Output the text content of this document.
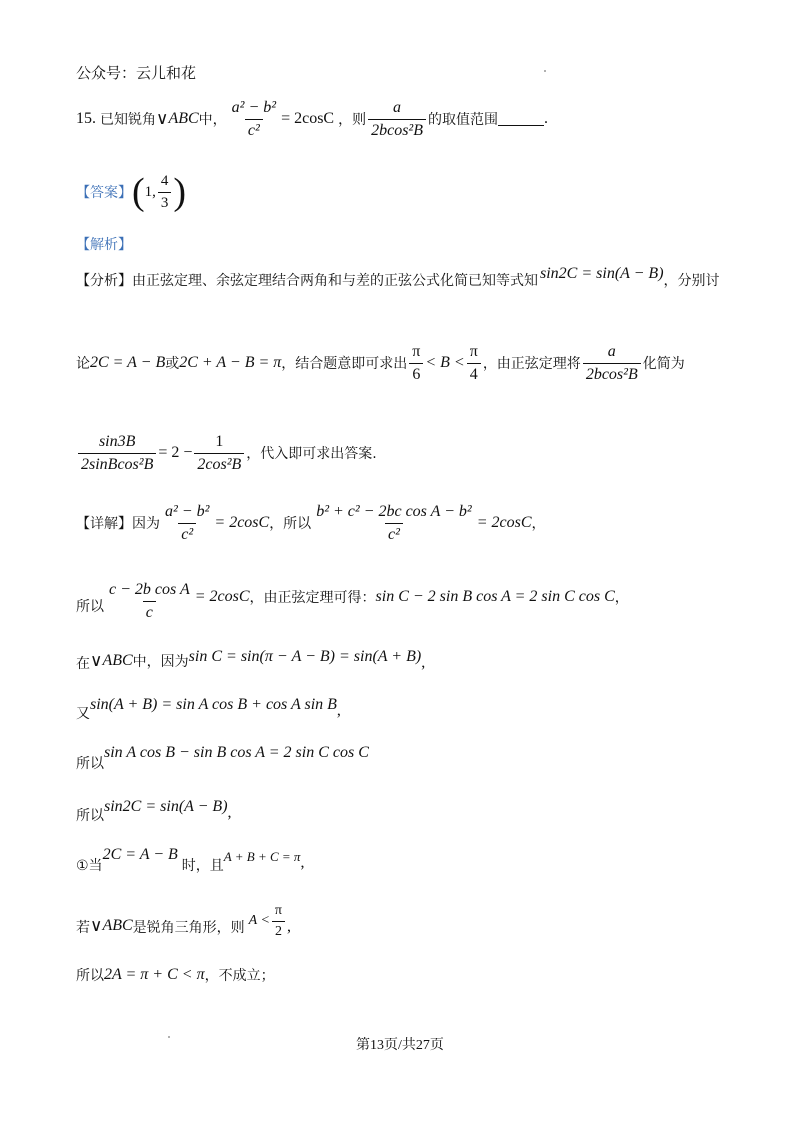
公众号：云儿和花
15. 已知锐角 ∨ ABC 中， $\frac{\text{a² − b²}}{\text{c²}} = 2\cos C$ ，则 $\frac{a}{\text{2bcos²B}}$ 的取值范围	.
【答案】 ( 1, $\frac{4}{3}$ )
【解析】
【分析】 由正弦定理、余弦定理结合两角和与差的正弦公式化简已知等式知 sin2C = sin(A − B) ，分别讨
论 2C = A − B 或 2C + A − B = π ，结合题意即可求出 $\frac{\pi}{6} < B < \frac{\pi}{4}$ ，由正弦定理将 $\frac{a}{\text{2bcos²B}}$ 化简为
$\frac{\sin 3B}{\text{2sinBcos²B}} = 2 - \frac{1}{\text{2cos²B}}$ ，代入即可求出答案.
【详解】 因为 $\frac{\text{a² − b²}}{\text{c²}} = 2\cos C$ ，所以 $\frac{\text{b² + c² − 2bc cos A − b²}}{\text{c²}} = 2\cos C$ ，
所以 $\frac{\text{c − 2b cos A}}{c} = 2\cos C$ ，由正弦定理可得： sin C − 2 sin B cos A = 2 sin C cos C ，
在 ∨ ABC 中，因为 sin C = sin(π − A − B) = sin(A + B) ,
又
sin(A + B) = sin A cos B + cos A sin B ,
所以
sin A cos B − sin B cos A = 2 sin C cos C
所以
sin2C = sin(A − B) ,
①当
2C = A − B
时，且
A + B + C = π ,
若 ∨ ABC 是锐角三角形，则 $A < \frac{\pi}{2}$ ,
所以 2A = π + C < π ，不成立；
第13页/共27页
